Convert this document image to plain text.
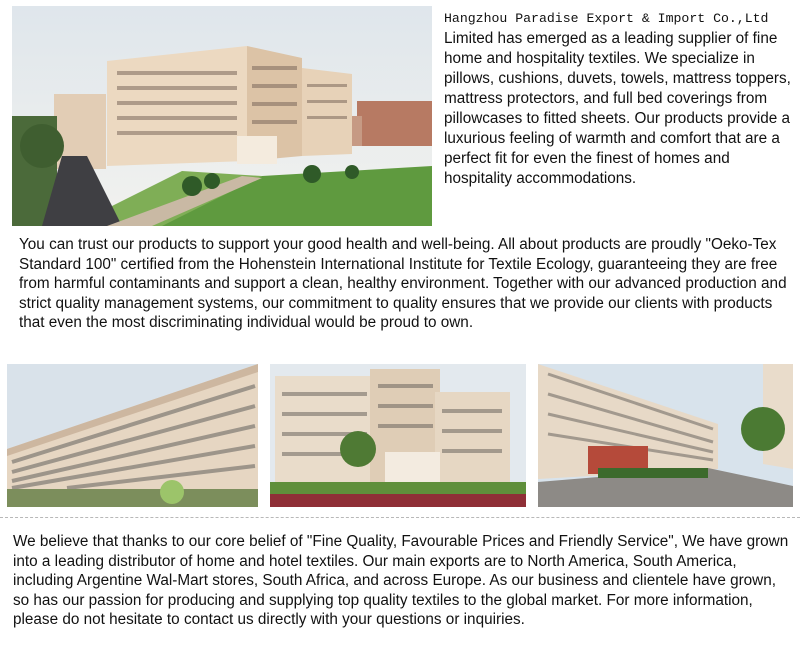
Hangzhou Paradise Export & Import Co.,Ltd Limited has emerged as a leading supplier of fine home and hospitality textiles. We specialize in pillows, cushions, duvets, towels, mattress toppers, mattress protectors, and full bed coverings from pillowcases to fitted sheets. Our products provide a luxurious feeling of warmth and comfort that are a perfect fit for even the finest of homes and hospitality accommodations.
You can trust our products to support your good health and well-being. All about products are proudly "Oeko-Tex Standard 100" certified from the Hohenstein International Institute for Textile Ecology, guaranteeing they are free from harmful contaminants and support a clean, healthy environment. Together with our advanced production and strict quality management systems, our commitment to quality ensures that we provide our clients with products that even the most discriminating individual would be proud to own.
We believe that thanks to our core belief of "Fine Quality, Favourable Prices and Friendly Service", We have grown into a leading distributor of home and hotel textiles. Our main exports are to North America, South America, including Argentine Wal-Mart stores, South Africa, and across Europe. As our business and clientele have grown, so has our passion for producing and supplying top quality textiles to the global market. For more information, please do not hesitate to contact us directly with your questions or inquiries.
